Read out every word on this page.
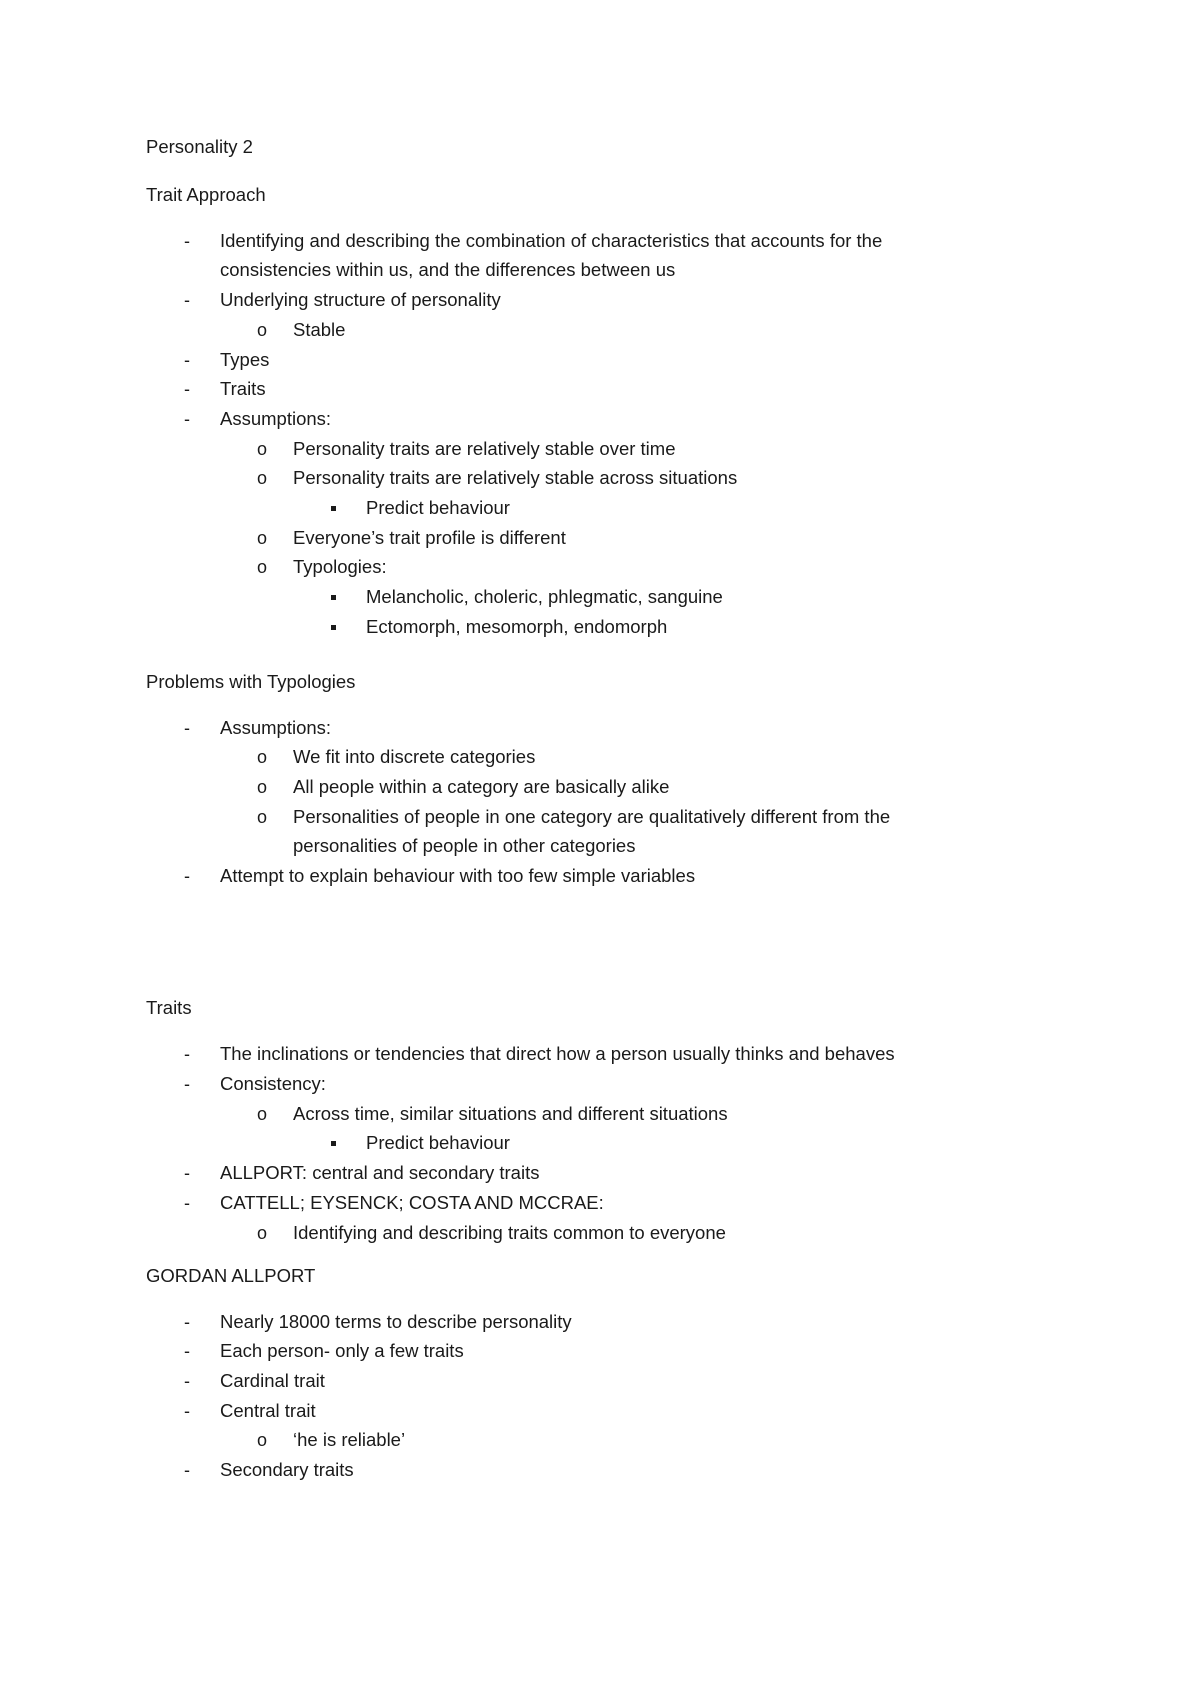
Personality 2
Trait Approach
- Identifying and describing the combination of characteristics that accounts for the
consistencies within us, and the differences between us
- Underlying structure of personality
o Stable
- Types
- Traits
- Assumptions:
o Personality traits are relatively stable over time
o Personality traits are relatively stable across situations
Predict behaviour
o Everyone’s trait profile is different
o Typologies:
Melancholic, choleric, phlegmatic, sanguine
Ectomorph, mesomorph, endomorph
Problems with Typologies
- Assumptions:
o We fit into discrete categories
o All people within a category are basically alike
o Personalities of people in one category are qualitatively different from the
personalities of people in other categories
- Attempt to explain behaviour with too few simple variables
Traits
- The inclinations or tendencies that direct how a person usually thinks and behaves
- Consistency:
o Across time, similar situations and different situations
Predict behaviour
- ALLPORT: central and secondary traits
- CATTELL; EYSENCK; COSTA AND MCCRAE:
o Identifying and describing traits common to everyone
GORDAN ALLPORT
- Nearly 18000 terms to describe personality
- Each person- only a few traits
- Cardinal trait
- Central trait
o ‘he is reliable’
- Secondary traits
